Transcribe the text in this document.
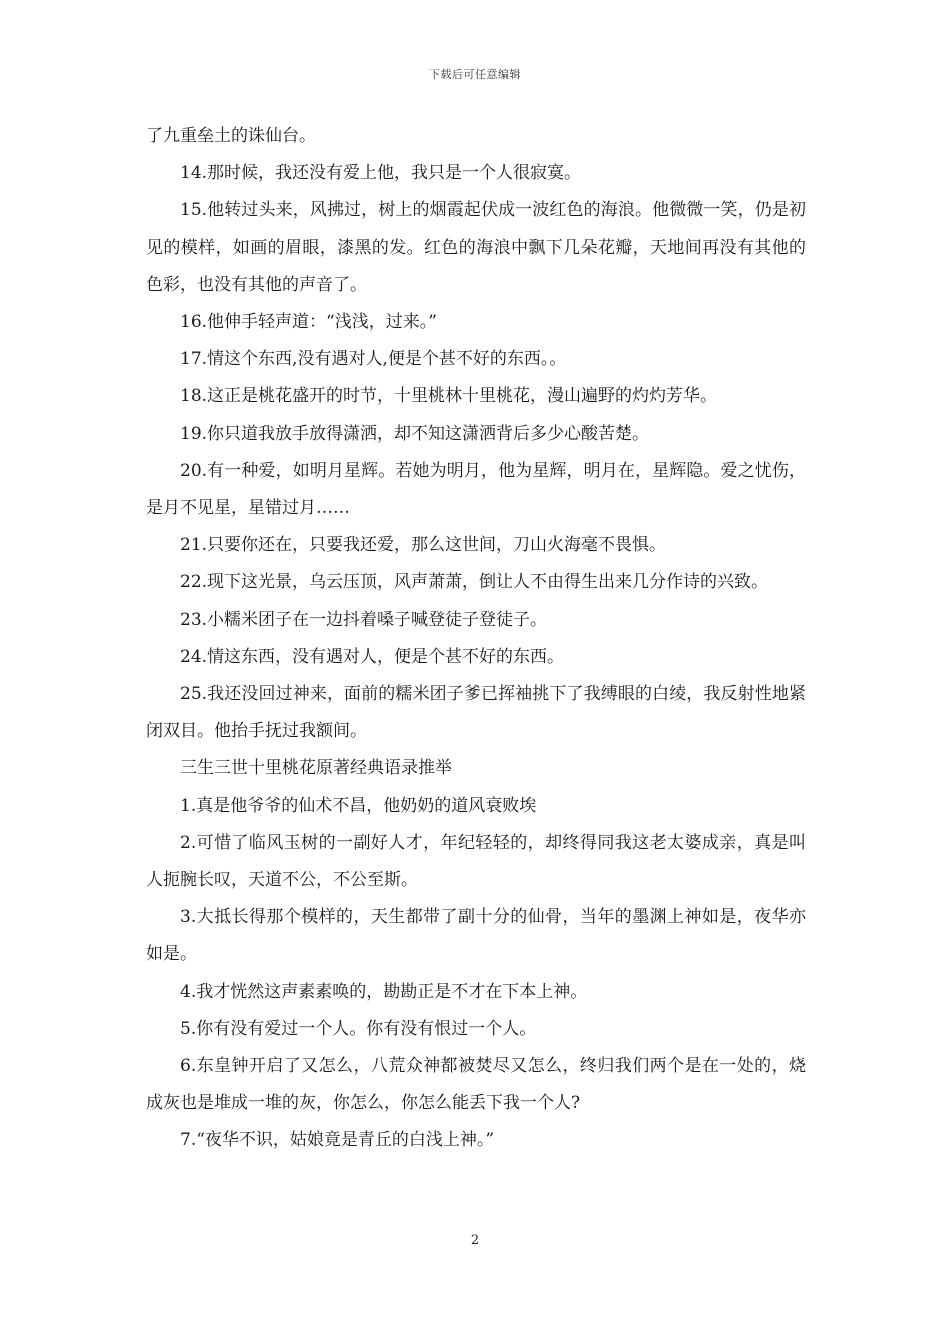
下载后可任意编辑

了九重垒土的诛仙台。

14.那时候，我还没有爱上他，我只是一个人很寂寞。

15.他转过头来，风拂过，树上的烟霞起伏成一波红色的海浪。他微微一笑，仍是初见的模样，如画的眉眼，漆黑的发。红色的海浪中飘下几朵花瓣，天地间再没有其他的色彩，也没有其他的声音了。

16.他伸手轻声道：“浅浅，过来。”

17.情这个东西,没有遇对人,便是个甚不好的东西。。

18.这正是桃花盛开的时节，十里桃林十里桃花，漫山遍野的灼灼芳华。

19.你只道我放手放得潇洒，却不知这潇洒背后多少心酸苦楚。

20.有一种爱，如明月星辉。若她为明月，他为星辉，明月在，星辉隐。爱之忧伤，是月不见星，星错过月……

21.只要你还在，只要我还爱，那么这世间，刀山火海毫不畏惧。

22.现下这光景，乌云压顶，风声萧萧，倒让人不由得生出来几分作诗的兴致。

23.小糯米团子在一边抖着嗓子喊登徒子登徒子。

24.情这东西，没有遇对人，便是个甚不好的东西。

25.我还没回过神来，面前的糯米团子爹已挥袖挑下了我缚眼的白绫，我反射性地紧闭双目。他抬手抚过我额间。

三生三世十里桃花原著经典语录推举

1.真是他爷爷的仙术不昌，他奶奶的道风衰败埃

2.可惜了临风玉树的一副好人才，年纪轻轻的，却终得同我这老太婆成亲，真是叫人扼腕长叹，天道不公，不公至斯。

3.大抵长得那个模样的，天生都带了副十分的仙骨，当年的墨渊上神如是，夜华亦如是。

4.我才恍然这声素素唤的，勘勘正是不才在下本上神。

5.你有没有爱过一个人。你有没有恨过一个人。

6.东皇钟开启了又怎么，八荒众神都被焚尽又怎么，终归我们两个是在一处的，烧成灰也是堆成一堆的灰，你怎么，你怎么能丢下我一个人?

7.“夜华不识，姑娘竟是青丘的白浅上神。”

2
